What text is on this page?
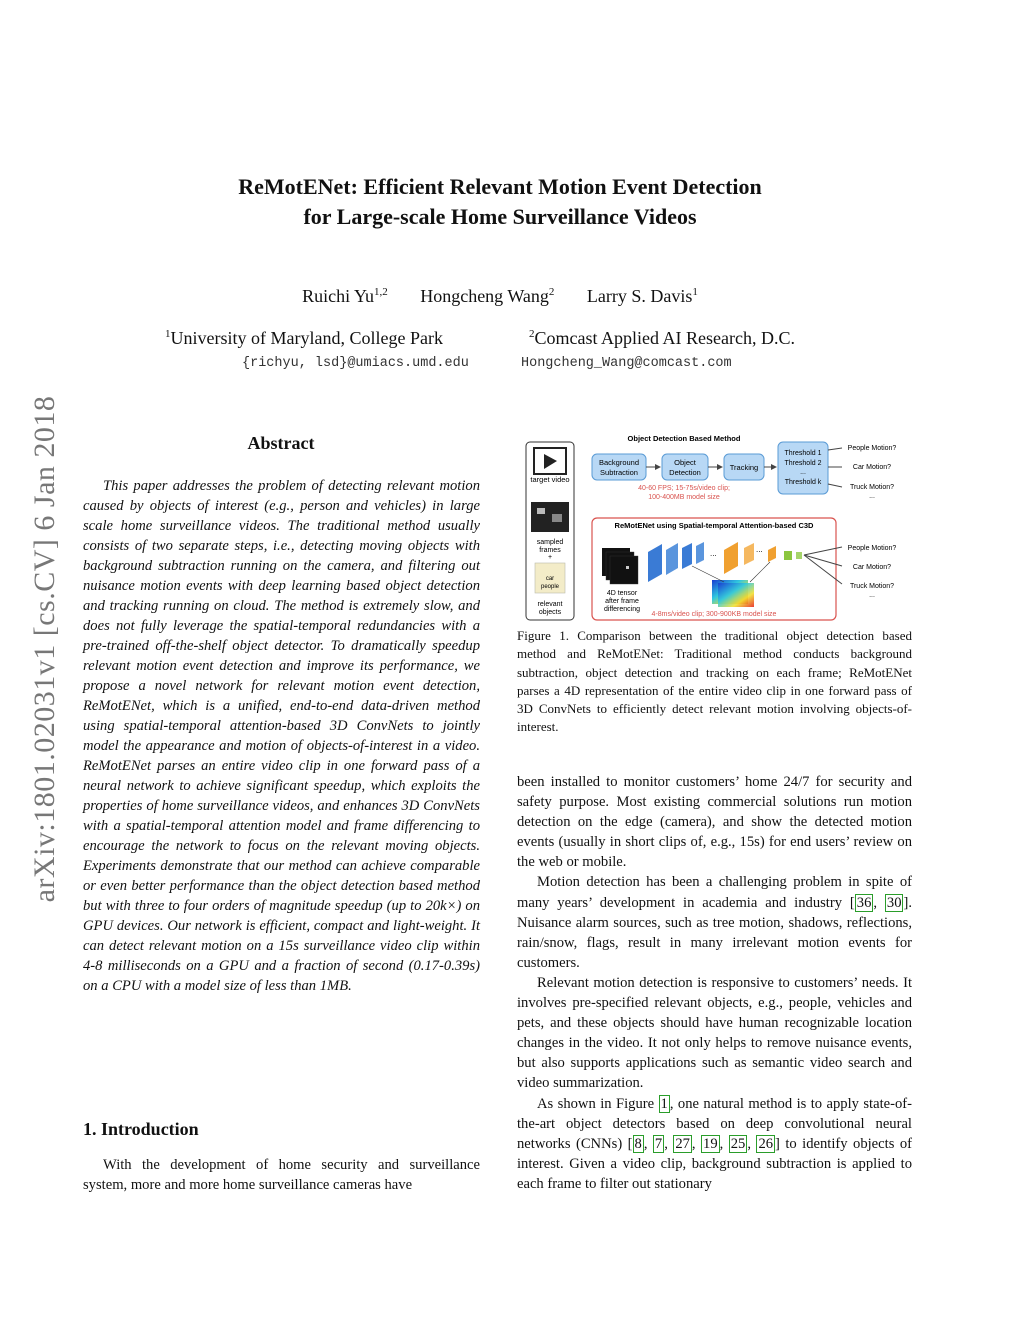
ReMotENet: Efficient Relevant Motion Event Detection
for Large-scale Home Surveillance Videos
Ruichi Yu$^{1,2}$ Hongcheng Wang$^2$ Larry S. Davis$^1$
$^1$University of Maryland, College Park	$^2$Comcast Applied AI Research, D.C.
{richyu, lsd}@umiacs.umd.edu	Hongcheng_Wang@comcast.com
arXiv:1801.02031v1 [cs.CV] 6 Jan 2018	Abstract
This paper addresses the problem of detecting relevant motion caused by objects of interest (e.g., person and vehicles) in large scale home surveillance videos. The traditional method usually consists of two separate steps, i.e., detecting moving objects with background subtraction running on the camera, and filtering out nuisance motion events with deep learning based object detection and tracking running on cloud. The method is extremely slow, and does not fully leverage the spatial-temporal redundancies with a pre-trained off-the-shelf object detector. To dramatically speedup relevant motion event detection and improve its performance, we propose a novel network for relevant motion event detection, ReMotENet, which is a unified, end-to-end data-driven method using spatial-temporal attention-based 3D ConvNets to jointly model the appearance and motion of objects-of-interest in a video. ReMotENet parses an entire video clip in one forward pass of a neural network to achieve significant speedup, which exploits the properties of home surveillance videos, and enhances 3D ConvNets with a spatial-temporal attention model and frame differencing to encourage the network to focus on the relevant moving objects. Experiments demonstrate that our method can achieve comparable or even better performance than the object detection based method but with three to four orders of magnitude speedup (up to 20k×) on GPU devices. Our network is efficient, compact and light-weight. It can detect relevant motion on a 15s surveillance video clip within 4-8 milliseconds on a GPU and a fraction of second (0.17-0.39s) on a CPU with a model size of less than 1MB.
1. Introduction
With the development of home security and surveillance system, more and more home surveillance cameras have
target video
sampled
frames
+
car
people
relevant
objects
Object Detection Based Method
Background
Subtraction
Object
Detection
Tracking
Threshold 1
Threshold 2
...
Threshold k
40-60 FPS; 15-75s/video clip;
100-400MB model size
People Motion?
Car Motion?
Truck Motion?
...
ReMotENet using Spatial-temporal Attention-based C3D
4D tensor
after frame
differencing
...	...
4-8ms/video clip; 300-900KB model size
People Motion?
Car Motion?
Truck Motion?
...
Figure 1. Comparison between the traditional object detection based method and ReMotENet: Traditional method conducts background subtraction, object detection and tracking on each frame; ReMotENet parses a 4D representation of the entire video clip in one forward pass of 3D ConvNets to efficiently detect relevant motion involving objects-of-interest.

been installed to monitor customers’ home 24/7 for security and safety purpose. Most existing commercial solutions run motion detection on the edge (camera), and show the detected motion events (usually in short clips of, e.g., 15s) for end users’ review on the web or mobile.

Motion detection has been a challenging problem in spite of many years’ development in academia and industry [ 36 , 30 ]. Nuisance alarm sources, such as tree motion, shadows, reflections, rain/snow, flags, result in many irrelevant motion events for customers.

Relevant motion detection is responsive to customers’ needs. It involves pre-specified relevant objects, e.g., people, vehicles and pets, and these objects should have human recognizable location changes in the video. It not only helps to remove nuisance events, but also supports applications such as semantic video search and video summarization.

As shown in Figure 1 , one natural method is to apply state-of-the-art object detectors based on deep convolutional neural networks (CNNs) [ 8 , 7 , 27 , 19 , 25 , 26 ] to identify objects of interest. Given a video clip, background subtraction is applied to each frame to filter out stationary
